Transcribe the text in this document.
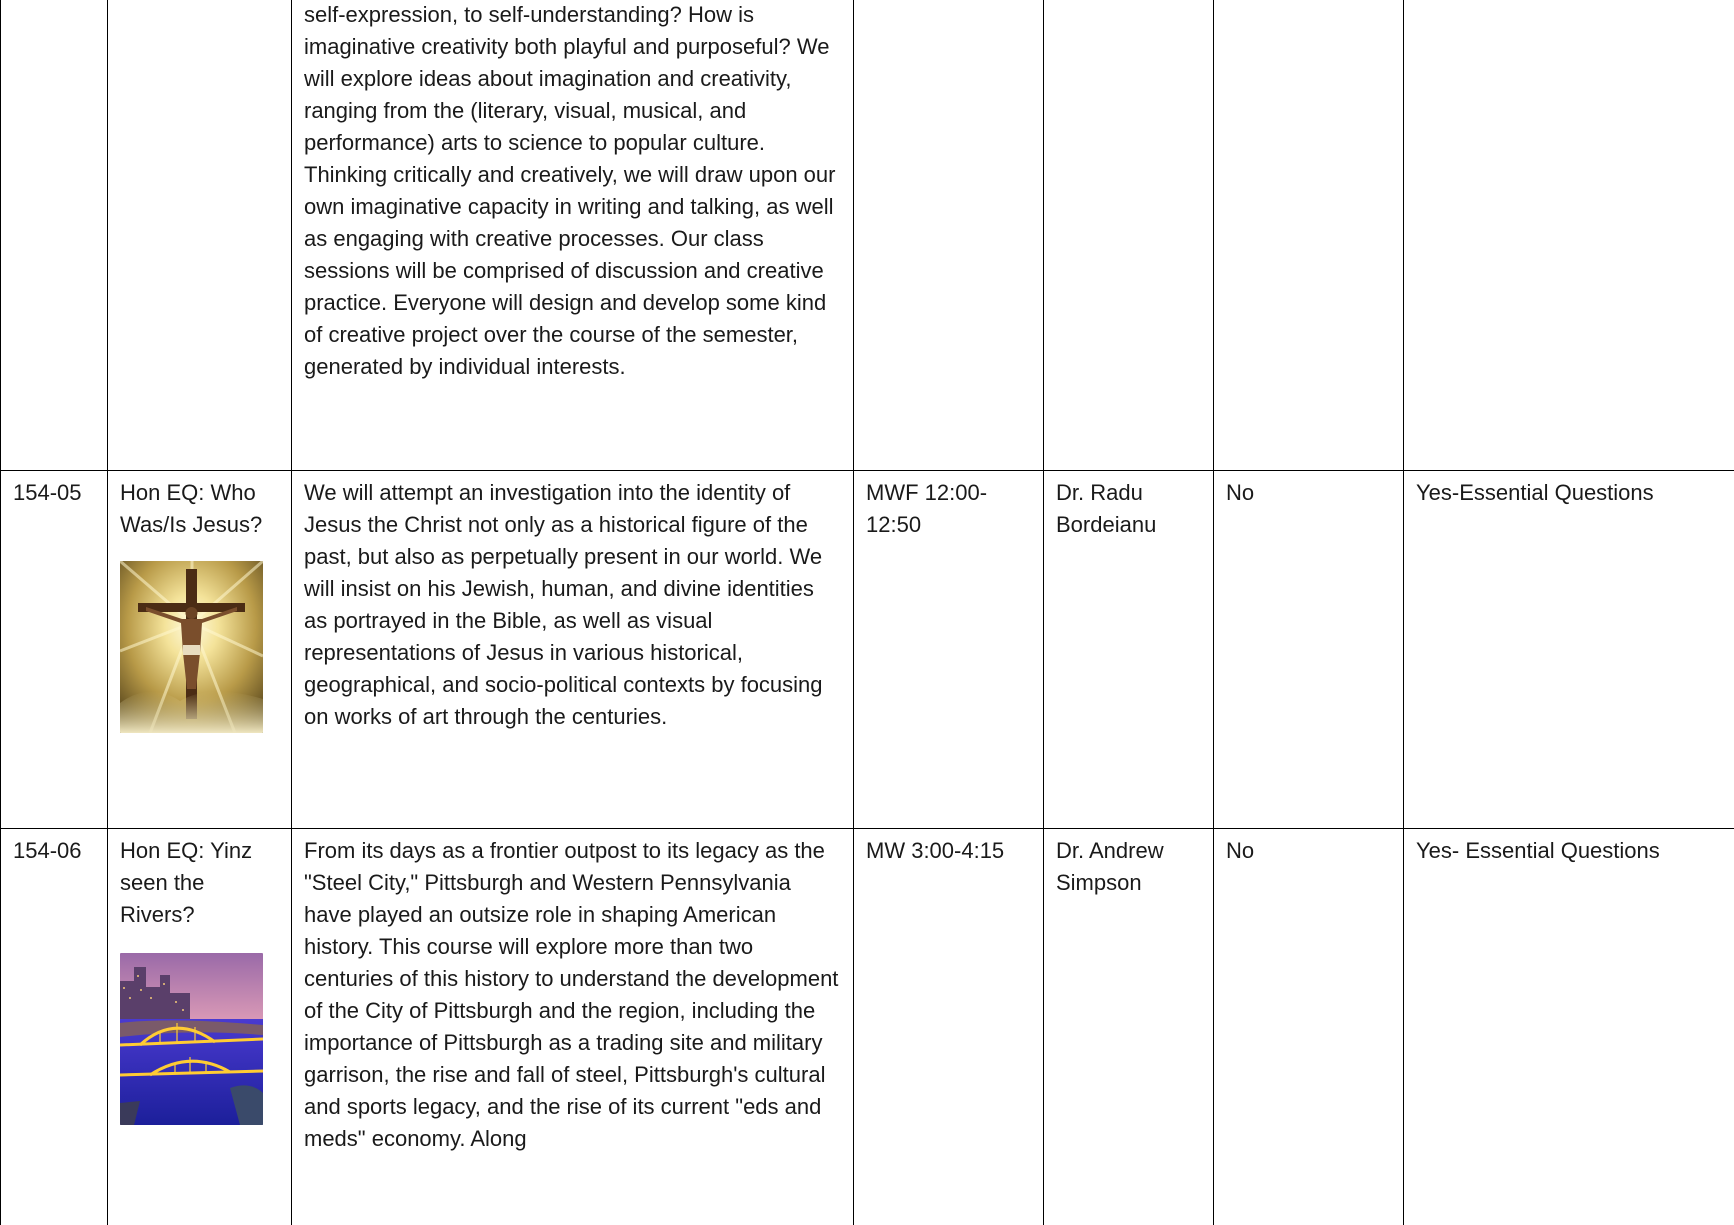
		self-expression, to self-understanding? How is imaginative creativity both playful and purposeful? We will explore ideas about imagination and creativity, ranging from the (literary, visual, musical, and performance) arts to science to popular culture. Thinking critically and creatively, we will draw upon our own imaginative capacity in writing and talking, as well as engaging with creative processes. Our class sessions will be comprised of discussion and creative practice. Everyone will design and develop some kind of creative project over the course of the semester, generated by individual interests.				

154-05	Hon EQ: Who Was/Is Jesus?	We will attempt an investigation into the identity of Jesus the Christ not only as a historical figure of the past, but also as perpetually present in our world. We will insist on his Jewish, human, and divine identities as portrayed in the Bible, as well as visual representations of Jesus in various historical, geographical, and socio-political contexts by focusing on works of art through the centuries.	MWF 12:00-12:50	Dr. Radu Bordeianu	No	Yes-Essential Questions
154-06	Hon EQ: Yinz seen the Rivers?	From its days as a frontier outpost to its legacy as the "Steel City," Pittsburgh and Western Pennsylvania have played an outsize role in shaping American history. This course will explore more than two centuries of this history to understand the development of the City of Pittsburgh and the region, including the importance of Pittsburgh as a trading site and military garrison, the rise and fall of steel, Pittsburgh's cultural and sports legacy, and the rise of its current "eds and meds" economy. Along	MW 3:00-4:15	Dr. Andrew Simpson	No	Yes- Essential Questions
